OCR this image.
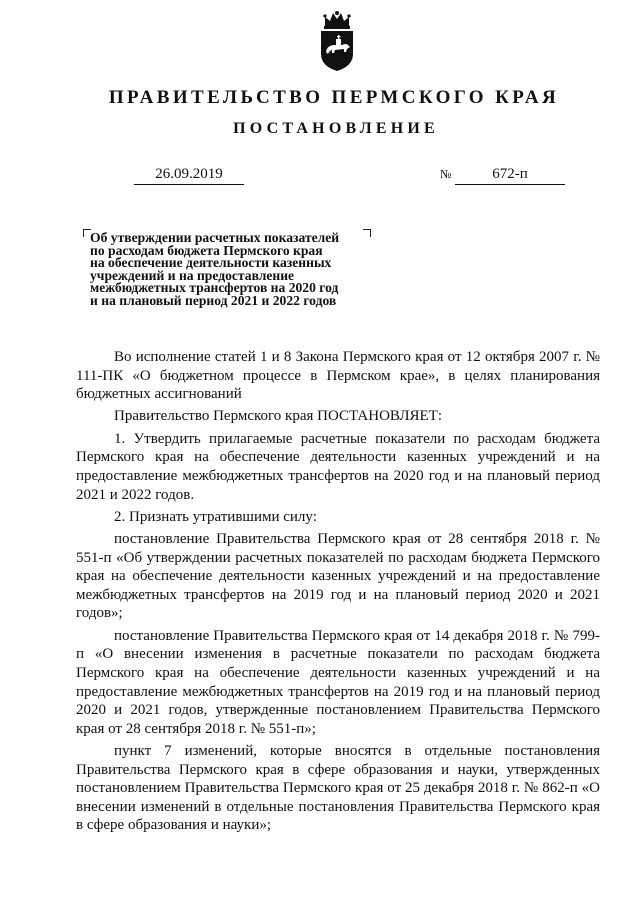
ПРАВИТЕЛЬСТВО ПЕРМСКОГО КРАЯ
ПОСТАНОВЛЕНИЕ
26.09.2019	№	672-п
Об утверждении расчетных показателей
по расходам бюджета Пермского края
на обеспечение деятельности казенных
учреждений и на предоставление
межбюджетных трансфертов на 2020 год
и на плановый период 2021 и 2022 годов

Во исполнение статей 1 и 8 Закона Пермского края от 12 октября 2007 г. № 111-ПК «О бюджетном процессе в Пермском крае», в целях планирования бюджетных ассигнований

Правительство Пермского края ПОСТАНОВЛЯЕТ:

1. Утвердить прилагаемые расчетные показатели по расходам бюджета Пермского края на обеспечение деятельности казенных учреждений и на предоставление межбюджетных трансфертов на 2020 год и на плановый период 2021 и 2022 годов.

2. Признать утратившими силу:

постановление Правительства Пермского края от 28 сентября 2018 г. № 551-п «Об утверждении расчетных показателей по расходам бюджета Пермского края на обеспечение деятельности казенных учреждений и на предоставление межбюджетных трансфертов на 2019 год и на плановый период 2020 и 2021 годов»;

постановление Правительства Пермского края от 14 декабря 2018 г. № 799-п «О внесении изменения в расчетные показатели по расходам бюджета Пермского края на обеспечение деятельности казенных учреждений и на предоставление межбюджетных трансфертов на 2019 год и на плановый период 2020 и 2021 годов, утвержденные постановлением Правительства Пермского края от 28 сентября 2018 г. № 551-п»;

пункт 7 изменений, которые вносятся в отдельные постановления Правительства Пермского края в сфере образования и науки, утвержденных постановлением Правительства Пермского края от 25 декабря 2018 г. № 862-п «О внесении изменений в отдельные постановления Правительства Пермского края в сфере образования и науки»;
